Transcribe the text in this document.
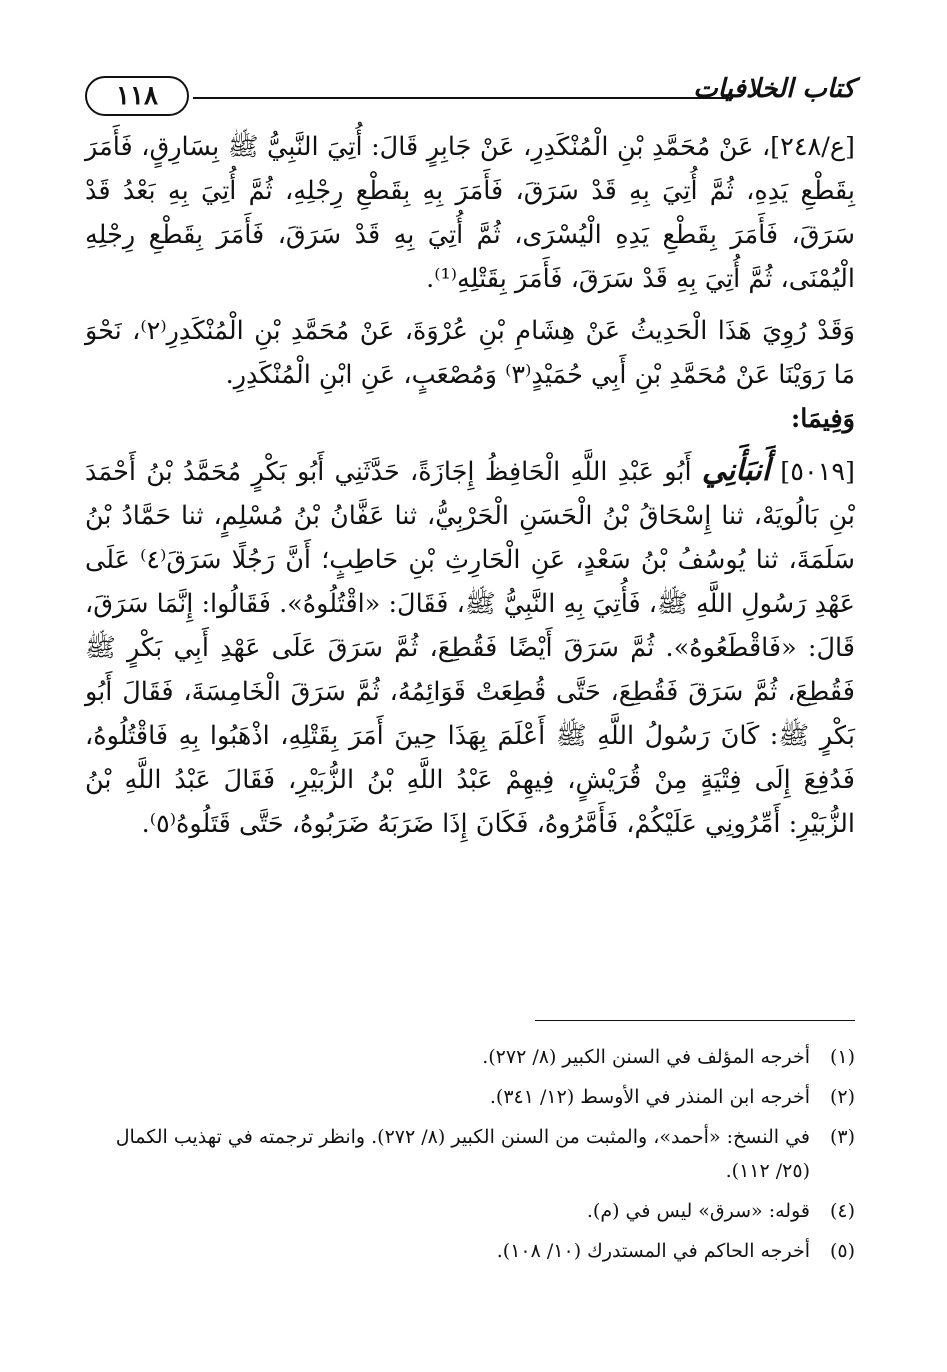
١١٨	كتاب الخلافيات

[ع/٢٤٨]، عَنْ مُحَمَّدِ بْنِ الْمُنْكَدِرِ، عَنْ جَابِرٍ قَالَ: أُتِيَ النَّبِيُّ ﷺ بِسَارِقٍ، فَأَمَرَ بِقَطْعِ يَدِهِ، ثُمَّ أُتِيَ بِهِ قَدْ سَرَقَ، فَأَمَرَ بِهِ بِقَطْعِ رِجْلِهِ، ثُمَّ أُتِيَ بِهِ بَعْدُ قَدْ سَرَقَ، فَأَمَرَ بِقَطْعِ يَدِهِ الْيُسْرَى، ثُمَّ أُتِيَ بِهِ قَدْ سَرَقَ، فَأَمَرَ بِقَطْعِ رِجْلِهِ الْيُمْنَى، ثُمَّ أُتِيَ بِهِ قَدْ سَرَقَ، فَأَمَرَ بِقَتْلِهِ⁽¹⁾.

وَقَدْ رُوِيَ هَذَا الْحَدِيثُ عَنْ هِشَامِ بْنِ عُرْوَةَ، عَنْ مُحَمَّدِ بْنِ الْمُنْكَدِرِ⁽٢⁾، نَحْوَ مَا رَوَيْنَا عَنْ مُحَمَّدِ بْنِ أَبِي حُمَيْدٍ⁽٣⁾ وَمُصْعَبٍ، عَنِ ابْنِ الْمُنْكَدِرِ.

وَفِيمَا:

[٥٠١٩] أَنبَأَنِي أَبُو عَبْدِ اللَّهِ الْحَافِظُ إِجَازَةً، حَدَّثَنِي أَبُو بَكْرٍ مُحَمَّدُ بْنُ أَحْمَدَ بْنِ بَالُويَهْ، ثنا إِسْحَاقُ بْنُ الْحَسَنِ الْحَرْبِيُّ، ثنا عَفَّانُ بْنُ مُسْلِمٍ، ثنا حَمَّادُ بْنُ سَلَمَةَ، ثنا يُوسُفُ بْنُ سَعْدٍ، عَنِ الْحَارِثِ بْنِ حَاطِبٍ؛ أَنَّ رَجُلًا سَرَقَ⁽٤⁾ عَلَى عَهْدِ رَسُولِ اللَّهِ ﷺ، فَأُتِيَ بِهِ النَّبِيُّ ﷺ، فَقَالَ: «اقْتُلُوهُ». فَقَالُوا: إِنَّمَا سَرَقَ، قَالَ: «فَاقْطَعُوهُ». ثُمَّ سَرَقَ أَيْضًا فَقُطِعَ، ثُمَّ سَرَقَ عَلَى عَهْدِ أَبِي بَكْرٍ ﷺ فَقُطِعَ، ثُمَّ سَرَقَ فَقُطِعَ، حَتَّى قُطِعَتْ قَوَائِمُهُ، ثُمَّ سَرَقَ الْخَامِسَةَ، فَقَالَ أَبُو بَكْرٍ ﷺ: كَانَ رَسُولُ اللَّهِ ﷺ أَعْلَمَ بِهَذَا حِينَ أَمَرَ بِقَتْلِهِ، اذْهَبُوا بِهِ فَاقْتُلُوهُ، فَدُفِعَ إِلَى فِتْيَةٍ مِنْ قُرَيْشٍ، فِيهِمْ عَبْدُ اللَّهِ بْنُ الزُّبَيْرِ، فَقَالَ عَبْدُ اللَّهِ بْنُ الزُّبَيْرِ: أَمِّرُونِي عَلَيْكُمْ، فَأَمَّرُوهُ، فَكَانَ إِذَا ضَرَبَهُ ضَرَبُوهُ، حَتَّى قَتَلُوهُ⁽٥⁾.

(١)
أخرجه المؤلف في السنن الكبير (٨/ ٢٧٢).
(٢)
أخرجه ابن المنذر في الأوسط (١٢/ ٣٤١).
(٣)
في النسخ: «أحمد»، والمثبت من السنن الكبير (٨/ ٢٧٢). وانظر ترجمته في تهذيب الكمال (٢٥/ ١١٢).
(٤)
قوله: «سرق» ليس في (م).
(٥)
أخرجه الحاكم في المستدرك (١٠/ ١٠٨).
